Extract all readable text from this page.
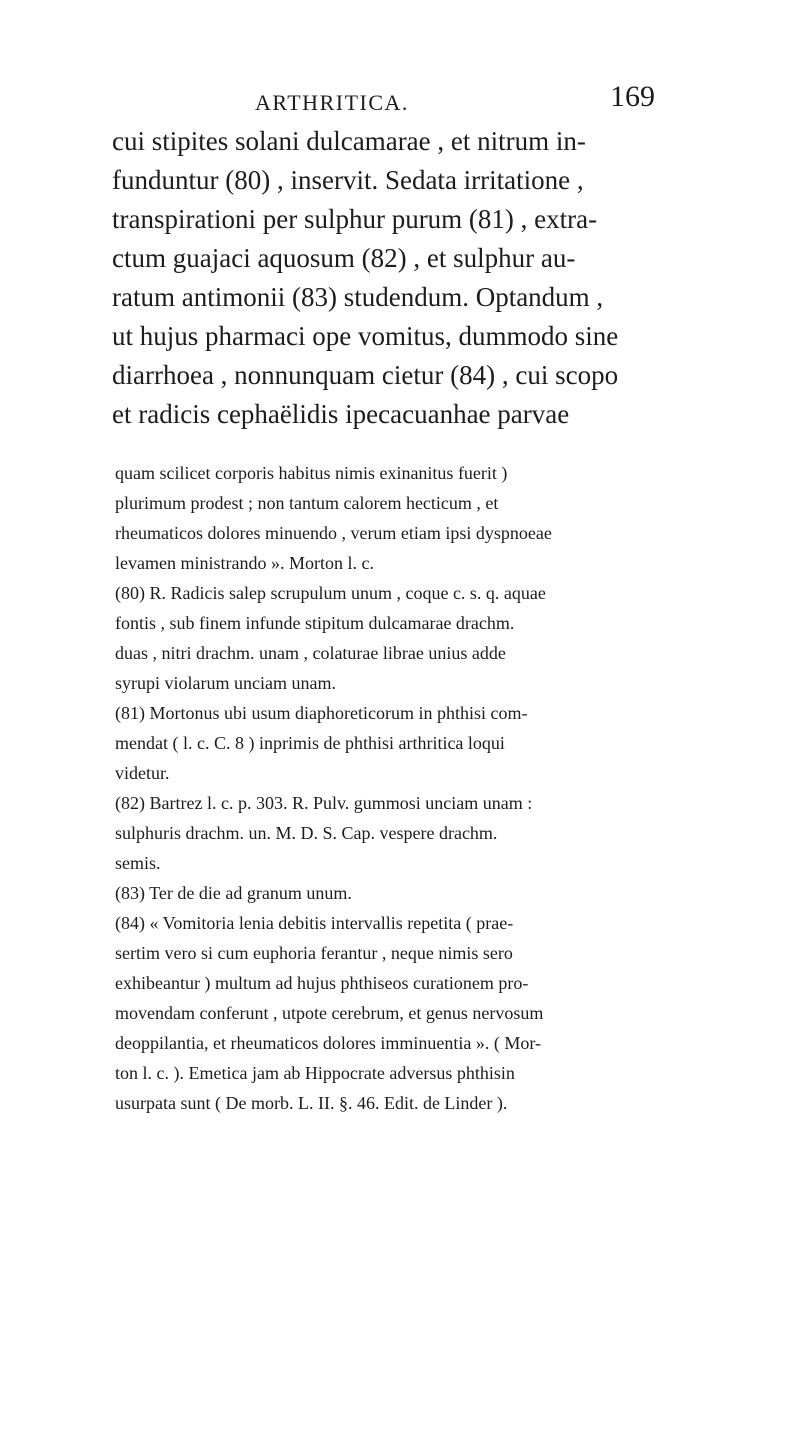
ARTHRITICA.	169
cui stipites solani dulcamarae , et nitrum in-
funduntur (80) , inservit. Sedata irritatione ,
transpirationi per sulphur purum (81) , extra-
ctum guajaci aquosum (82) , et sulphur au-
ratum antimonii (83) studendum. Optandum ,
ut hujus pharmaci ope vomitus, dummodo sine
diarrhoea , nonnunquam cietur (84) , cui scopo
et radicis cephaëlidis ipecacuanhae parvae
quam scilicet corporis habitus nimis exinanitus fuerit )
plurimum prodest ; non tantum calorem hecticum , et
rheumaticos dolores minuendo , verum etiam ipsi dyspnoeae
levamen ministrando ». Morton l. c.
(80) R. Radicis salep scrupulum unum , coque c. s. q. aquae
fontis , sub finem infunde stipitum dulcamarae drachm.
duas , nitri drachm. unam , colaturae librae unius adde
syrupi violarum unciam unam.
(81) Mortonus ubi usum diaphoreticorum in phthisi com-
mendat ( l. c. C. 8 ) inprimis de phthisi arthritica loqui
videtur.
(82) Bartrez l. c. p. 303. R. Pulv. gummosi unciam unam :
sulphuris drachm. un. M. D. S. Cap. vespere drachm.
semis.
(83) Ter de die ad granum unum.
(84) « Vomitoria lenia debitis intervallis repetita ( prae-
sertim vero si cum euphoria ferantur , neque nimis sero
exhibeantur ) multum ad hujus phthiseos curationem pro-
movendam conferunt , utpote cerebrum, et genus nervosum
deoppilantia, et rheumaticos dolores imminuentia ». ( Mor-
ton l. c. ). Emetica jam ab Hippocrate adversus phthisin
usurpata sunt ( De morb. L. II. §. 46. Edit. de Linder ).
